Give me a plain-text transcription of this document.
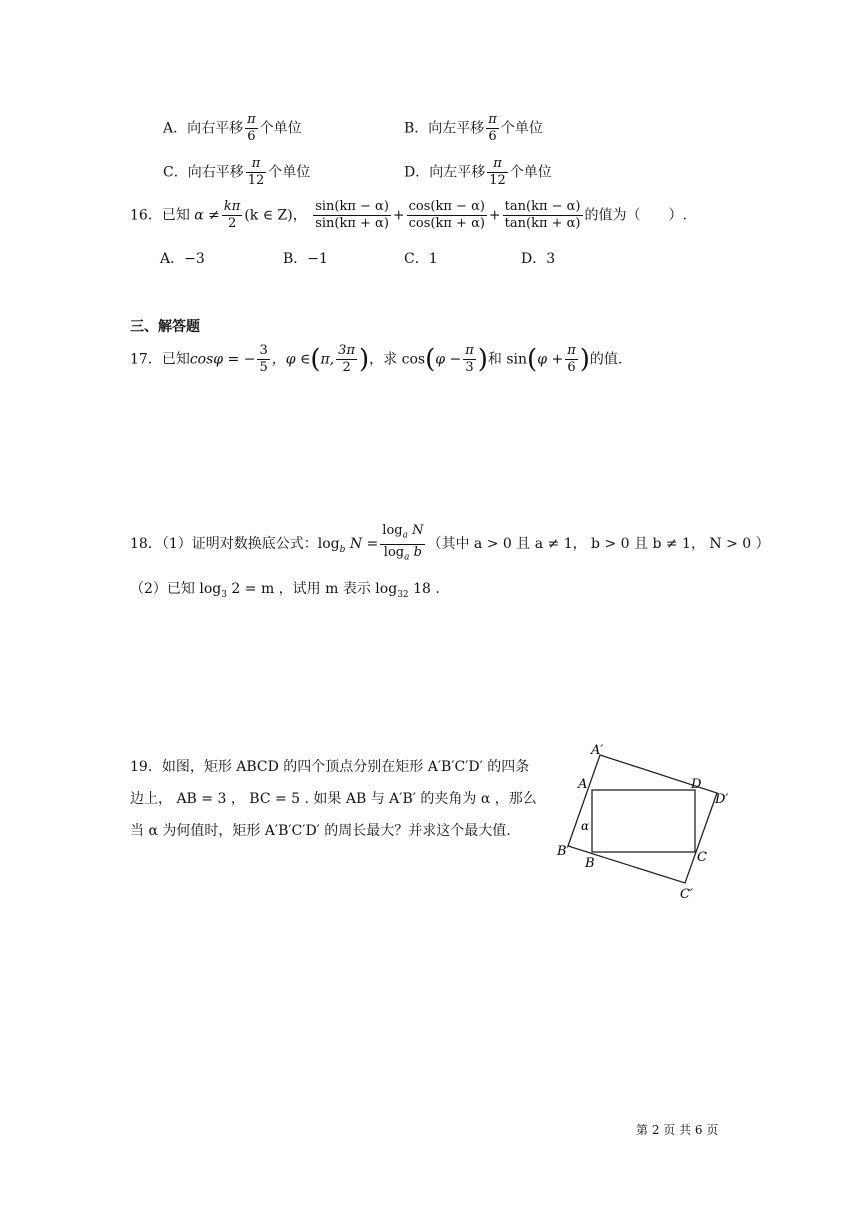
A．向右平移 $\frac{\pi}{6}$ 个单位	B．向左平移 $\frac{\pi}{6}$ 个单位
C．向右平移 $\frac{\pi}{12}$ 个单位	D．向左平移 $\frac{\pi}{12}$ 个单位
16．已知 $\alpha \ne \frac{k\pi}{2} (k$ ∈ Z)， $\frac{\sin(k\pi - \alpha)}{\sin(k\pi + \alpha)} + \frac{\cos(k\pi - \alpha)}{\cos(k\pi + \alpha)} + \frac{\tan(k\pi - \alpha)}{\tan(k\pi + \alpha)}$ 的值为（　　）.
A．−3	B．−1	C．1	D．3
三、解答题
17．已知cosφ = − $\frac{3}{5}$ ，φ ∈(π, $\frac{3\pi}{2}$ )，求 $\cos(\varphi - \frac{\pi}{3}$ )和 $\sin(\varphi + \frac{\pi}{6}$ )的值.
18．（1）证明对数换底公式：$\log_b N = \frac{\log_a N}{\log_a b}$ （其中 a > 0 且 a ≠ 1， b > 0 且 b ≠ 1， N > 0 ）
（2）已知 $\log_3 2 = m$ ，试用 m 表示 $\log_{32} 18$ .
19．如图，矩形 ABCD 的四个顶点分别在矩形 A′B′C′D′ 的四条
边上， AB = 3 ， BC = 5 . 如果 AB 与 A′B′ 的夹角为 α ，那么
当 α 为何值时，矩形 A′B′C′D′ 的周长最大？并求这个最大值.
A′
A	D
D′
α
B′
B	C
C′
第 2 页 共 6 页
